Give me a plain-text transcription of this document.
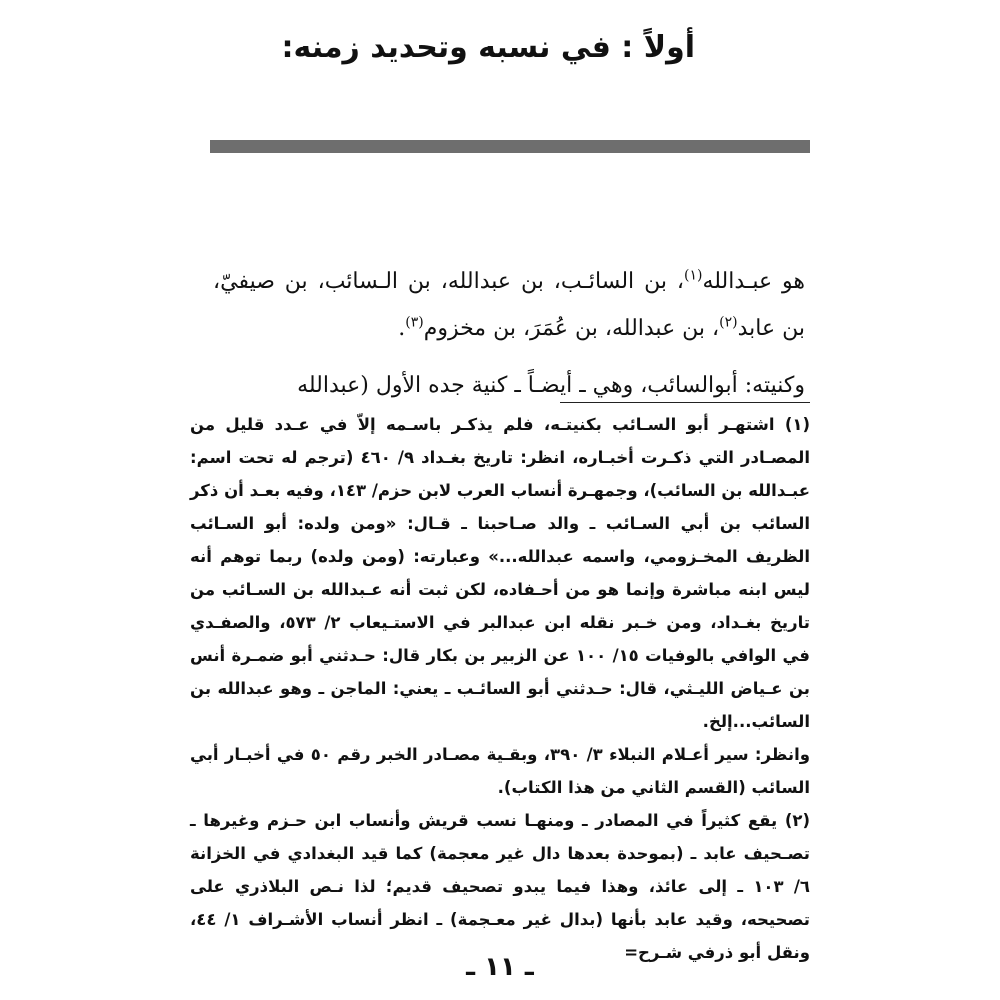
أولاً : في نسبه وتحديد زمنه:

هو عبـدالله$^{(١)}$، بن السائـب، بن عبدالله، بن الـسائب، بن صيفيّ، بن عابد$^{(٢)}$، بن عبدالله، بن عُمَرَ، بن مخزوم$^{(٣)}$.

وكنيته: أبوالسائب، وهي ـ أيضـاً ـ كنية جده الأول (عبدالله

(١) اشتهـر أبو السـائب بكنيتـه، فلم يذكـر باسـمه إلاّ في عـدد قليل من المصـادر التي ذكـرت أخبـاره، انظر: تاريخ بغـداد ٩/ ٤٦٠ (ترجم له تحت اسم: عبـدالله بن السائب)، وجمهـرة أنساب العرب لابن حزم/ ١٤٣، وفيه بعـد أن ذكر السائب بن أبي السـائب ـ والد صـاحبنا ـ قـال: «ومن ولده: أبو السـائب الظريف المخـزومي، واسمه عبدالله...» وعبارته: (ومن ولده) ربما توهم أنه ليس ابنه مباشرة وإنما هو من أحـفاده، لكن ثبت أنه عـبدالله بن السـائب من تاريخ بغـداد، ومن خـبر نقله ابن عبدالبر في الاستـيعاب ٢/ ٥٧٣، والصفـدي في الوافي بالوفيات ١٥/ ١٠٠ عن الزبير بن بكار قال: حـدثني أبو ضمـرة أنس بن عـياض الليـثي، قال: حـدثني أبو السائـب ـ يعني: الماجن ـ وهو عبدالله بن السائب...إلخ.

وانظر: سير أعـلام النبلاء ٣/ ٣٩٠، وبقـية مصـادر الخبر رقم ٥٠ في أخبـار أبي السائب (القسم الثاني من هذا الكتاب).

(٢) يقع كثيراً في المصادر ـ ومنهـا نسب قريش وأنساب ابن حـزم وغيرها ـ تصـحيف عابد ـ (بموحدة بعدها دال غير معجمة) كما قيد البغدادي في الخزانة ٦/ ١٠٣ ـ إلى عائذ، وهذا فيما يبدو تصحيف قديم؛ لذا نـص البلاذري على تصحيحه، وقيد عابد بأنها (بدال غير معـجمة) ـ انظر أنساب الأشـراف ١/ ٤٤، ونقل أبو ذرفي شـرح=

ـ ١١ ـ
